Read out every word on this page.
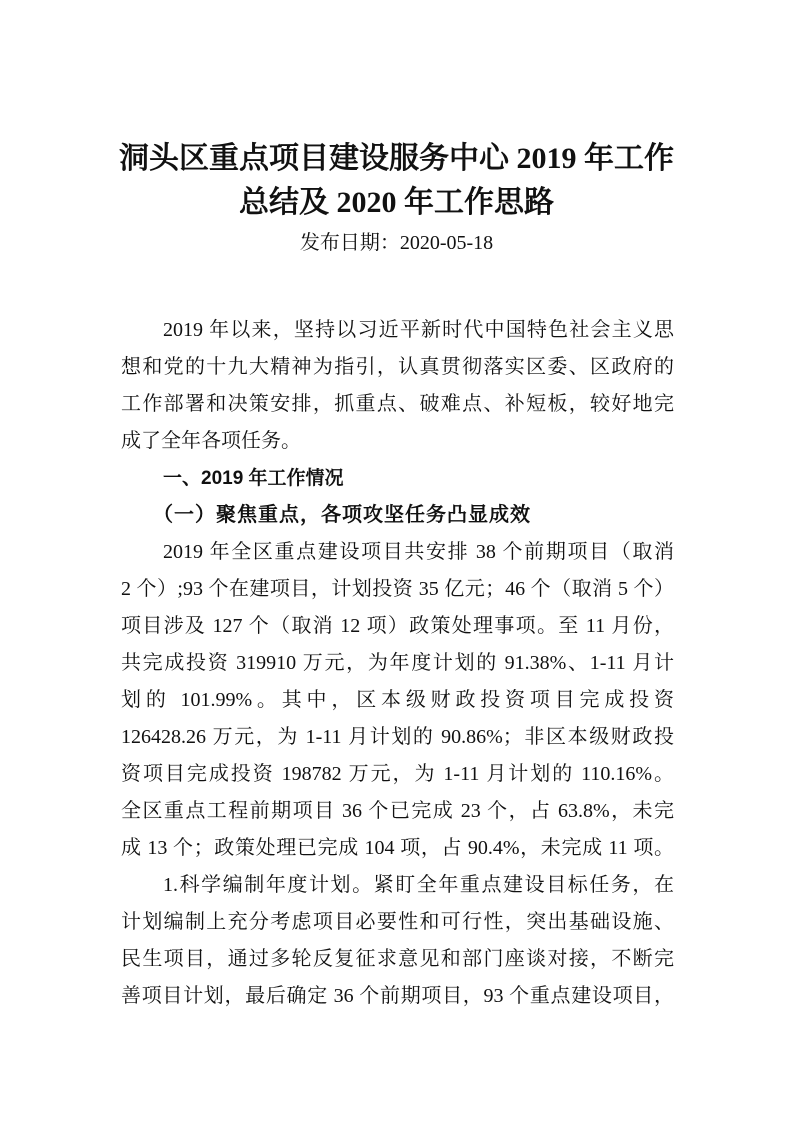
洞头区重点项目建设服务中心 2019 年工作
总结及 2020 年工作思路
发布日期：2020-05-18
2019 年以来，坚持以习近平新时代中国特色社会主义思
想和党的十九大精神为指引，认真贯彻落实区委、区政府的
工作部署和决策安排，抓重点、破难点、补短板，较好地完
成了全年各项任务。
一、2019 年工作情况
（一）聚焦重点，各项攻坚任务凸显成效
2019 年全区重点建设项目共安排 38 个前期项目（取消
2 个）;93 个在建项目，计划投资 35 亿元；46 个（取消 5 个）
项目涉及 127 个（取消 12 项）政策处理事项。至 11 月份，
共完成投资 319910 万元，为年度计划的 91.38%、1-11 月计
划的 101.99%。其中，区本级财政投资项目完成投资
126428.26 万元，为 1-11 月计划的 90.86%；非区本级财政投
资项目完成投资 198782 万元，为 1-11 月计划的 110.16%。
全区重点工程前期项目 36 个已完成 23 个，占 63.8%，未完
成 13 个；政策处理已完成 104 项，占 90.4%，未完成 11 项。
1.科学编制年度计划。紧盯全年重点建设目标任务，在
计划编制上充分考虑项目必要性和可行性，突出基础设施、
民生项目，通过多轮反复征求意见和部门座谈对接，不断完
善项目计划，最后确定 36 个前期项目，93 个重点建设项目，
